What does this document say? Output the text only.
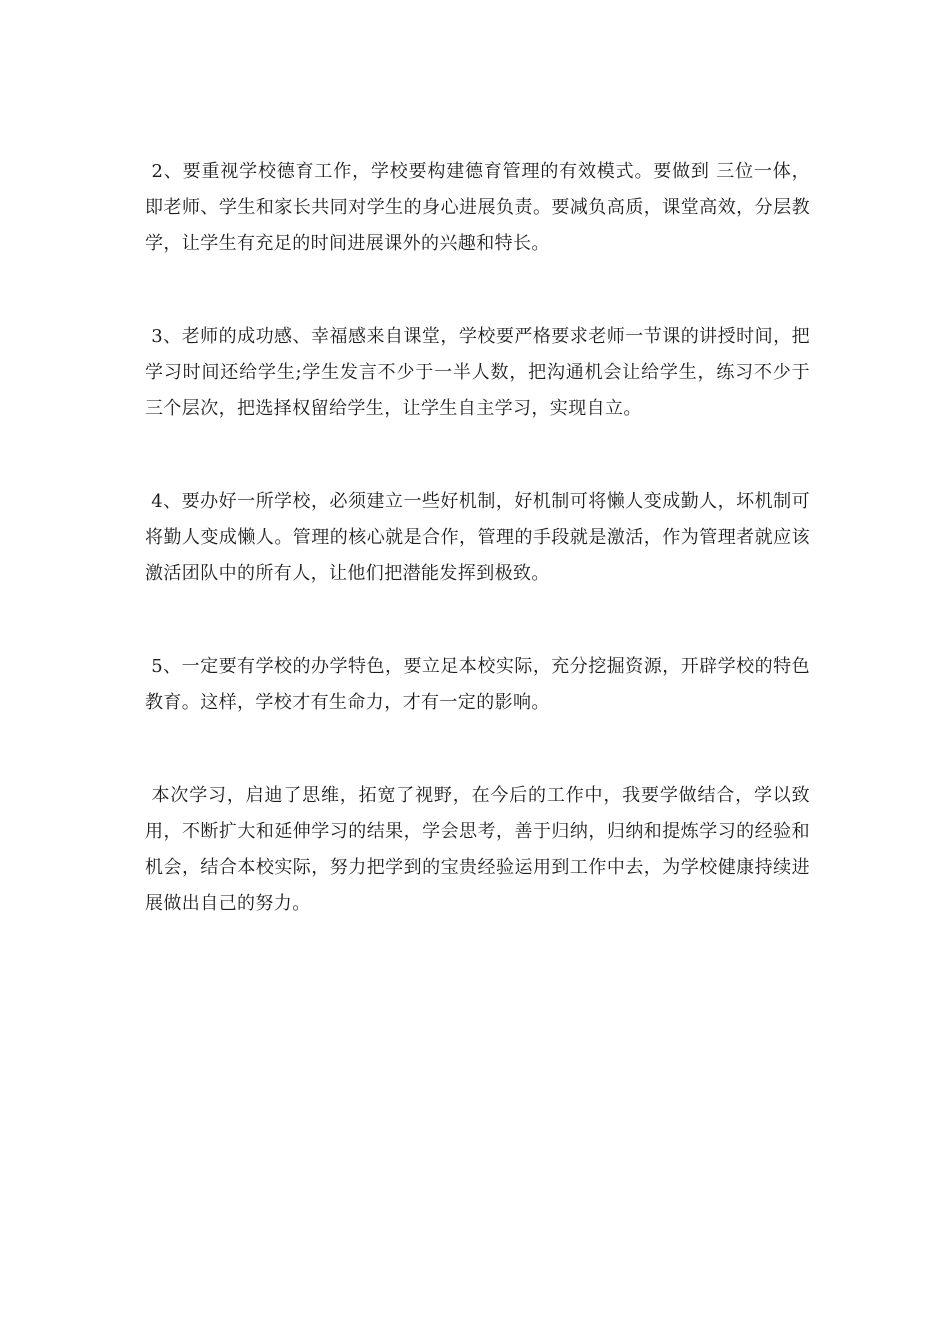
2、要重视学校德育工作，学校要构建德育管理的有效模式。要做到 三位一体，即老师、学生和家长共同对学生的身心进展负责。要减负高质，课堂高效，分层教学，让学生有充足的时间进展课外的兴趣和特长。

3、老师的成功感、幸福感来自课堂，学校要严格要求老师一节课的讲授时间，把学习时间还给学生;学生发言不少于一半人数，把沟通机会让给学生，练习不少于三个层次，把选择权留给学生，让学生自主学习，实现自立。

4、要办好一所学校，必须建立一些好机制，好机制可将懒人变成勤人，坏机制可将勤人变成懒人。管理的核心就是合作，管理的手段就是激活，作为管理者就应该激活团队中的所有人，让他们把潜能发挥到极致。

5、一定要有学校的办学特色，要立足本校实际，充分挖掘资源，开辟学校的特色教育。这样，学校才有生命力，才有一定的影响。

本次学习，启迪了思维，拓宽了视野，在今后的工作中，我要学做结合，学以致用，不断扩大和延伸学习的结果，学会思考，善于归纳，归纳和提炼学习的经验和机会，结合本校实际，努力把学到的宝贵经验运用到工作中去，为学校健康持续进展做出自己的努力。
